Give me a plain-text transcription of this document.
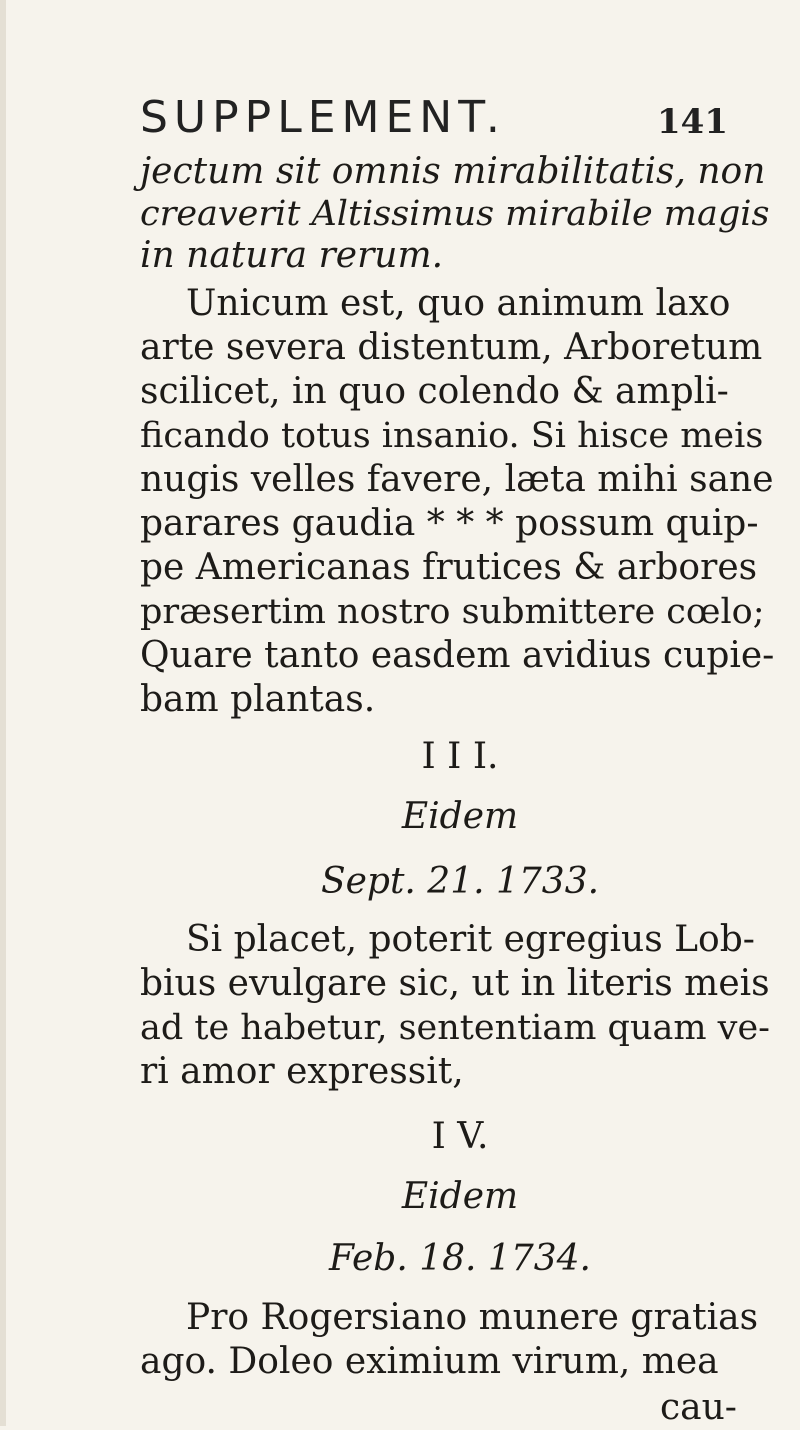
SUPPLEMENT.	141
jectum sit omnis mirabilitatis, non
creaverit Altissimus mirabile magis
in natura rerum.
Unicum est, quo animum laxo
arte severa distentum, Arboretum
scilicet, in quo colendo & ampli-
ficando totus insanio. Si hisce meis
nugis velles favere, læta mihi sane
parares gaudia * * * possum quip-
pe Americanas frutices & arbores
præsertim nostro submittere cœlo;
Quare tanto easdem avidius cupie-
bam plantas.
I I I.
Eidem
Sept. 21. 1733.
Si placet, poterit egregius Lob-
bius evulgare sic, ut in literis meis
ad te habetur, sententiam quam ve-
ri amor expressit,
I V.
Eidem
Feb. 18. 1734.
Pro Rogersiano munere gratias
ago. Doleo eximium virum, mea
cau-
